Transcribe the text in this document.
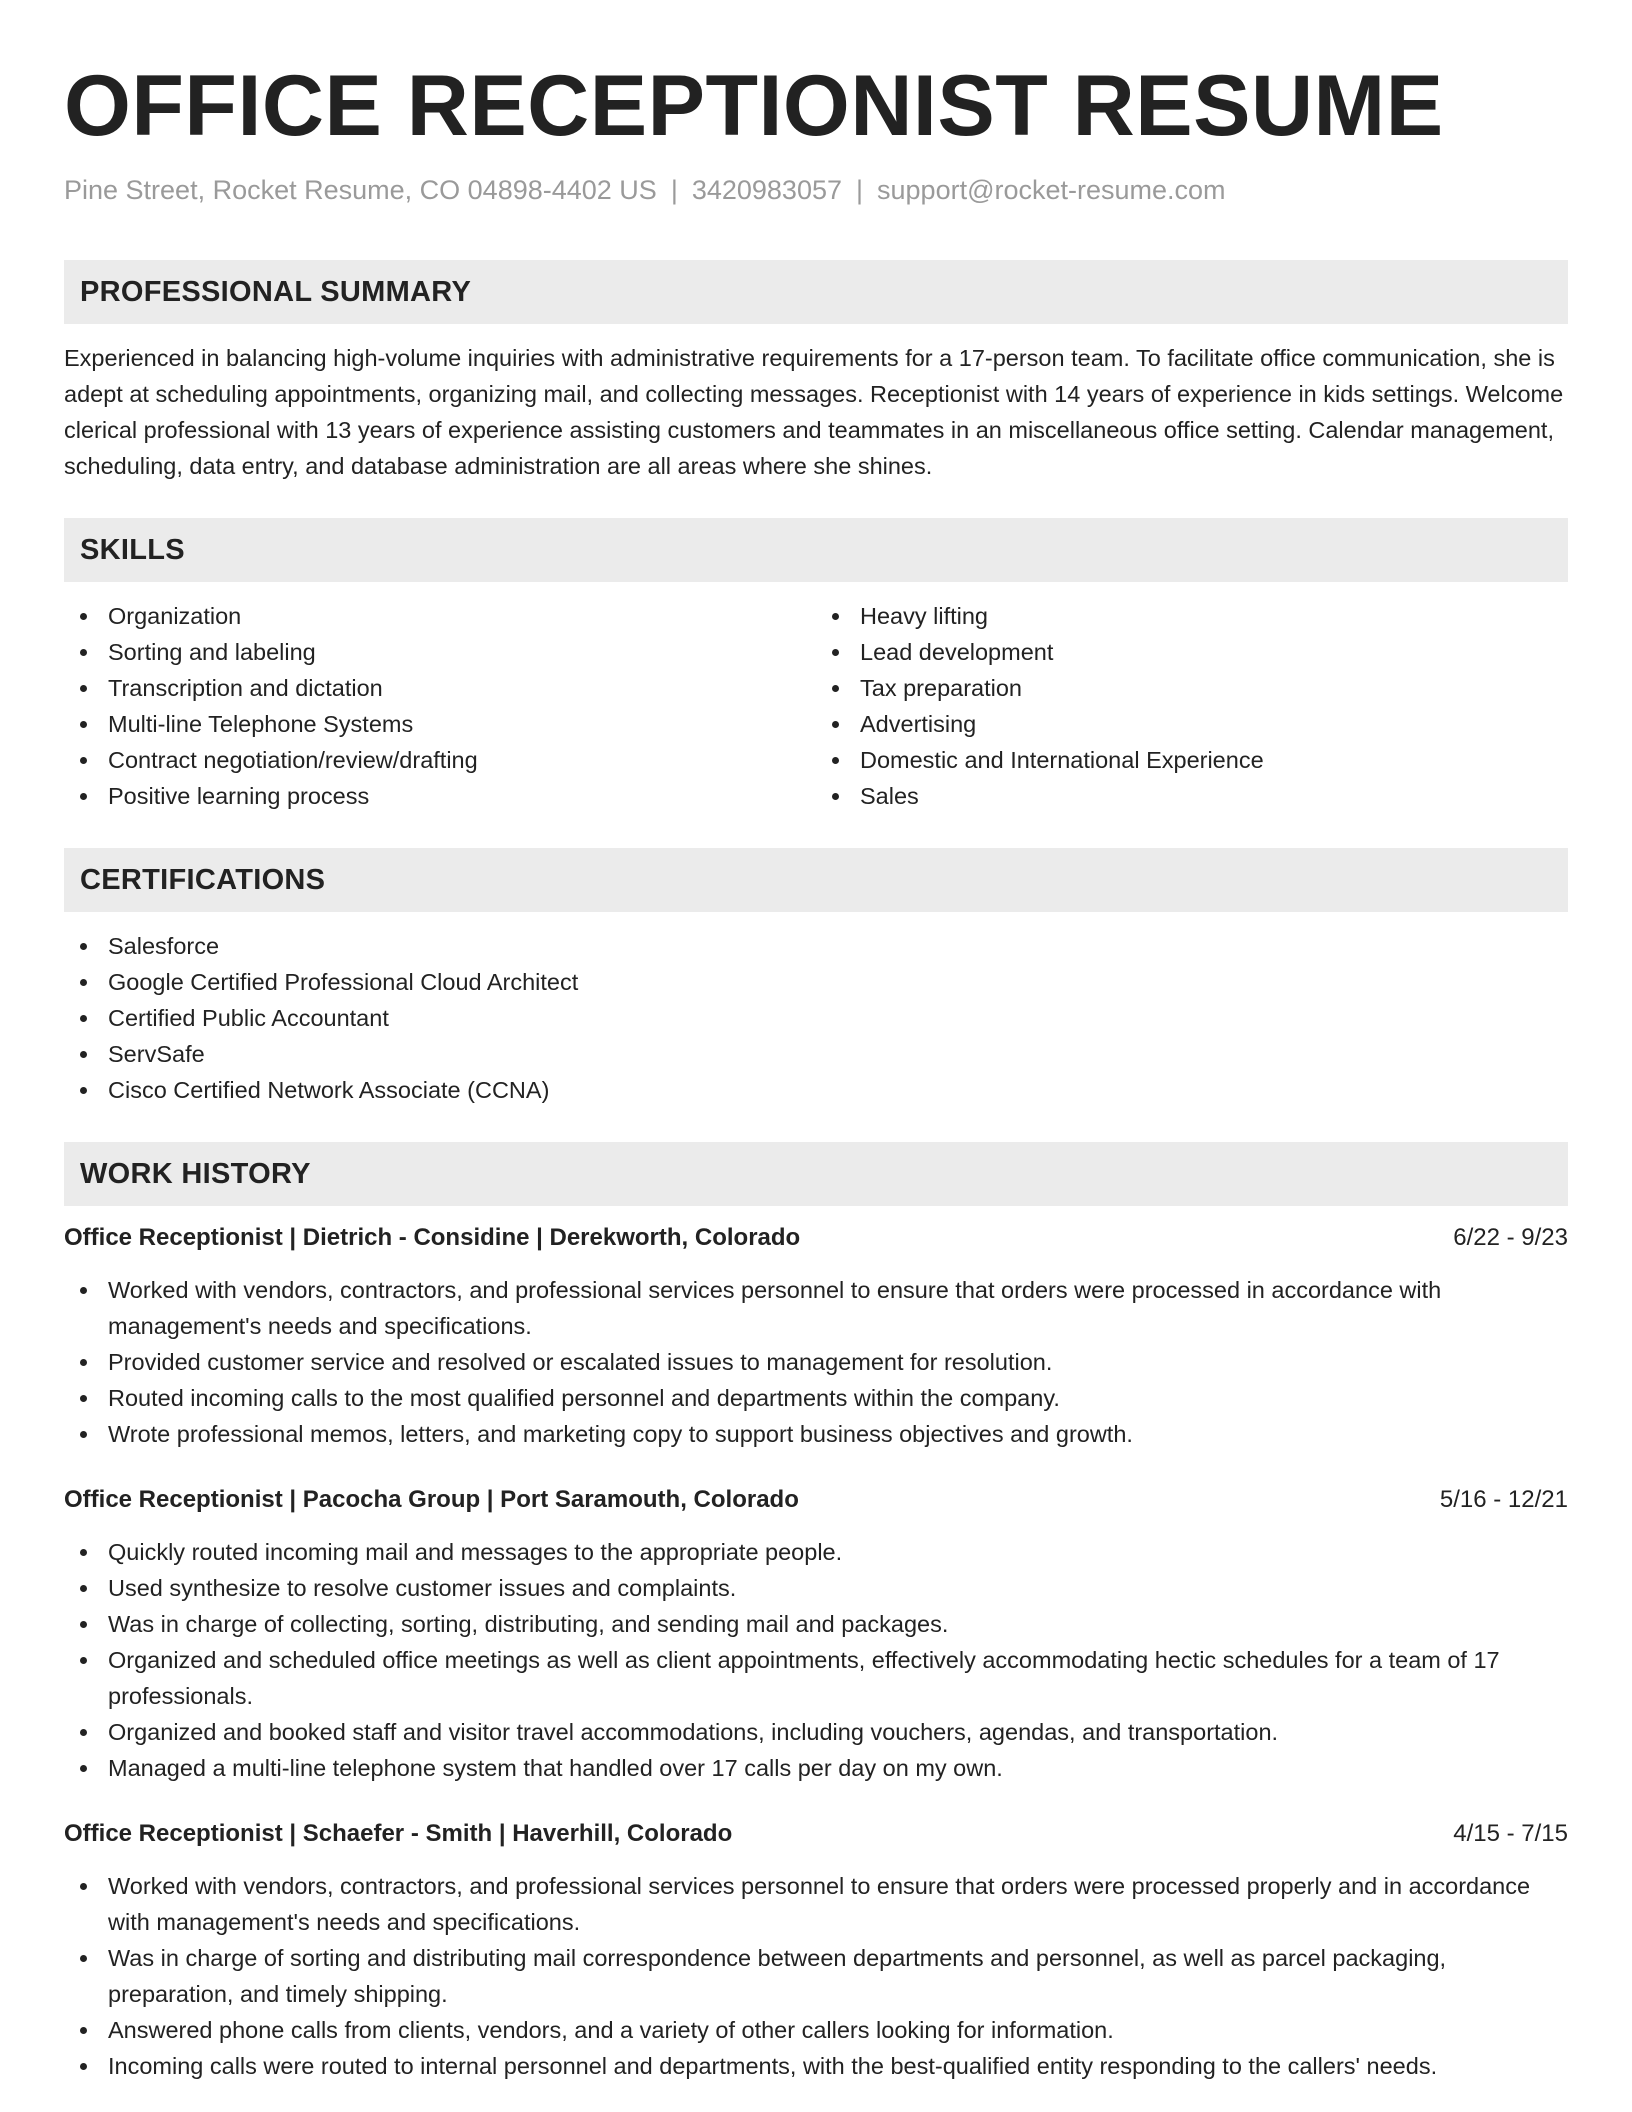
OFFICE RECEPTIONIST RESUME
Pine Street, Rocket Resume, CO 04898-4402 US | 3420983057 | support@rocket-resume.com
PROFESSIONAL SUMMARY
Experienced in balancing high-volume inquiries with administrative requirements for a 17-person team. To facilitate office communication, she is adept at scheduling appointments, organizing mail, and collecting messages. Receptionist with 14 years of experience in kids settings. Welcome clerical professional with 13 years of experience assisting customers and teammates in an miscellaneous office setting. Calendar management, scheduling, data entry, and database administration are all areas where she shines.
SKILLS
Organization
Sorting and labeling
Transcription and dictation
Multi-line Telephone Systems
Contract negotiation/review/drafting
Positive learning process
Heavy lifting
Lead development
Tax preparation
Advertising
Domestic and International Experience
Sales
CERTIFICATIONS
Salesforce
Google Certified Professional Cloud Architect
Certified Public Accountant
ServSafe
Cisco Certified Network Associate (CCNA)
WORK HISTORY
Office Receptionist | Dietrich - Considine | Derekworth, Colorado	6/22 - 9/23
Worked with vendors, contractors, and professional services personnel to ensure that orders were processed in accordance with management's needs and specifications.
Provided customer service and resolved or escalated issues to management for resolution.
Routed incoming calls to the most qualified personnel and departments within the company.
Wrote professional memos, letters, and marketing copy to support business objectives and growth.
Office Receptionist | Pacocha Group | Port Saramouth, Colorado	5/16 - 12/21
Quickly routed incoming mail and messages to the appropriate people.
Used synthesize to resolve customer issues and complaints.
Was in charge of collecting, sorting, distributing, and sending mail and packages.
Organized and scheduled office meetings as well as client appointments, effectively accommodating hectic schedules for a team of 17 professionals.
Organized and booked staff and visitor travel accommodations, including vouchers, agendas, and transportation.
Managed a multi-line telephone system that handled over 17 calls per day on my own.
Office Receptionist | Schaefer - Smith | Haverhill, Colorado	4/15 - 7/15
Worked with vendors, contractors, and professional services personnel to ensure that orders were processed properly and in accordance with management's needs and specifications.
Was in charge of sorting and distributing mail correspondence between departments and personnel, as well as parcel packaging, preparation, and timely shipping.
Answered phone calls from clients, vendors, and a variety of other callers looking for information.
Incoming calls were routed to internal personnel and departments, with the best-qualified entity responding to the callers' needs.
